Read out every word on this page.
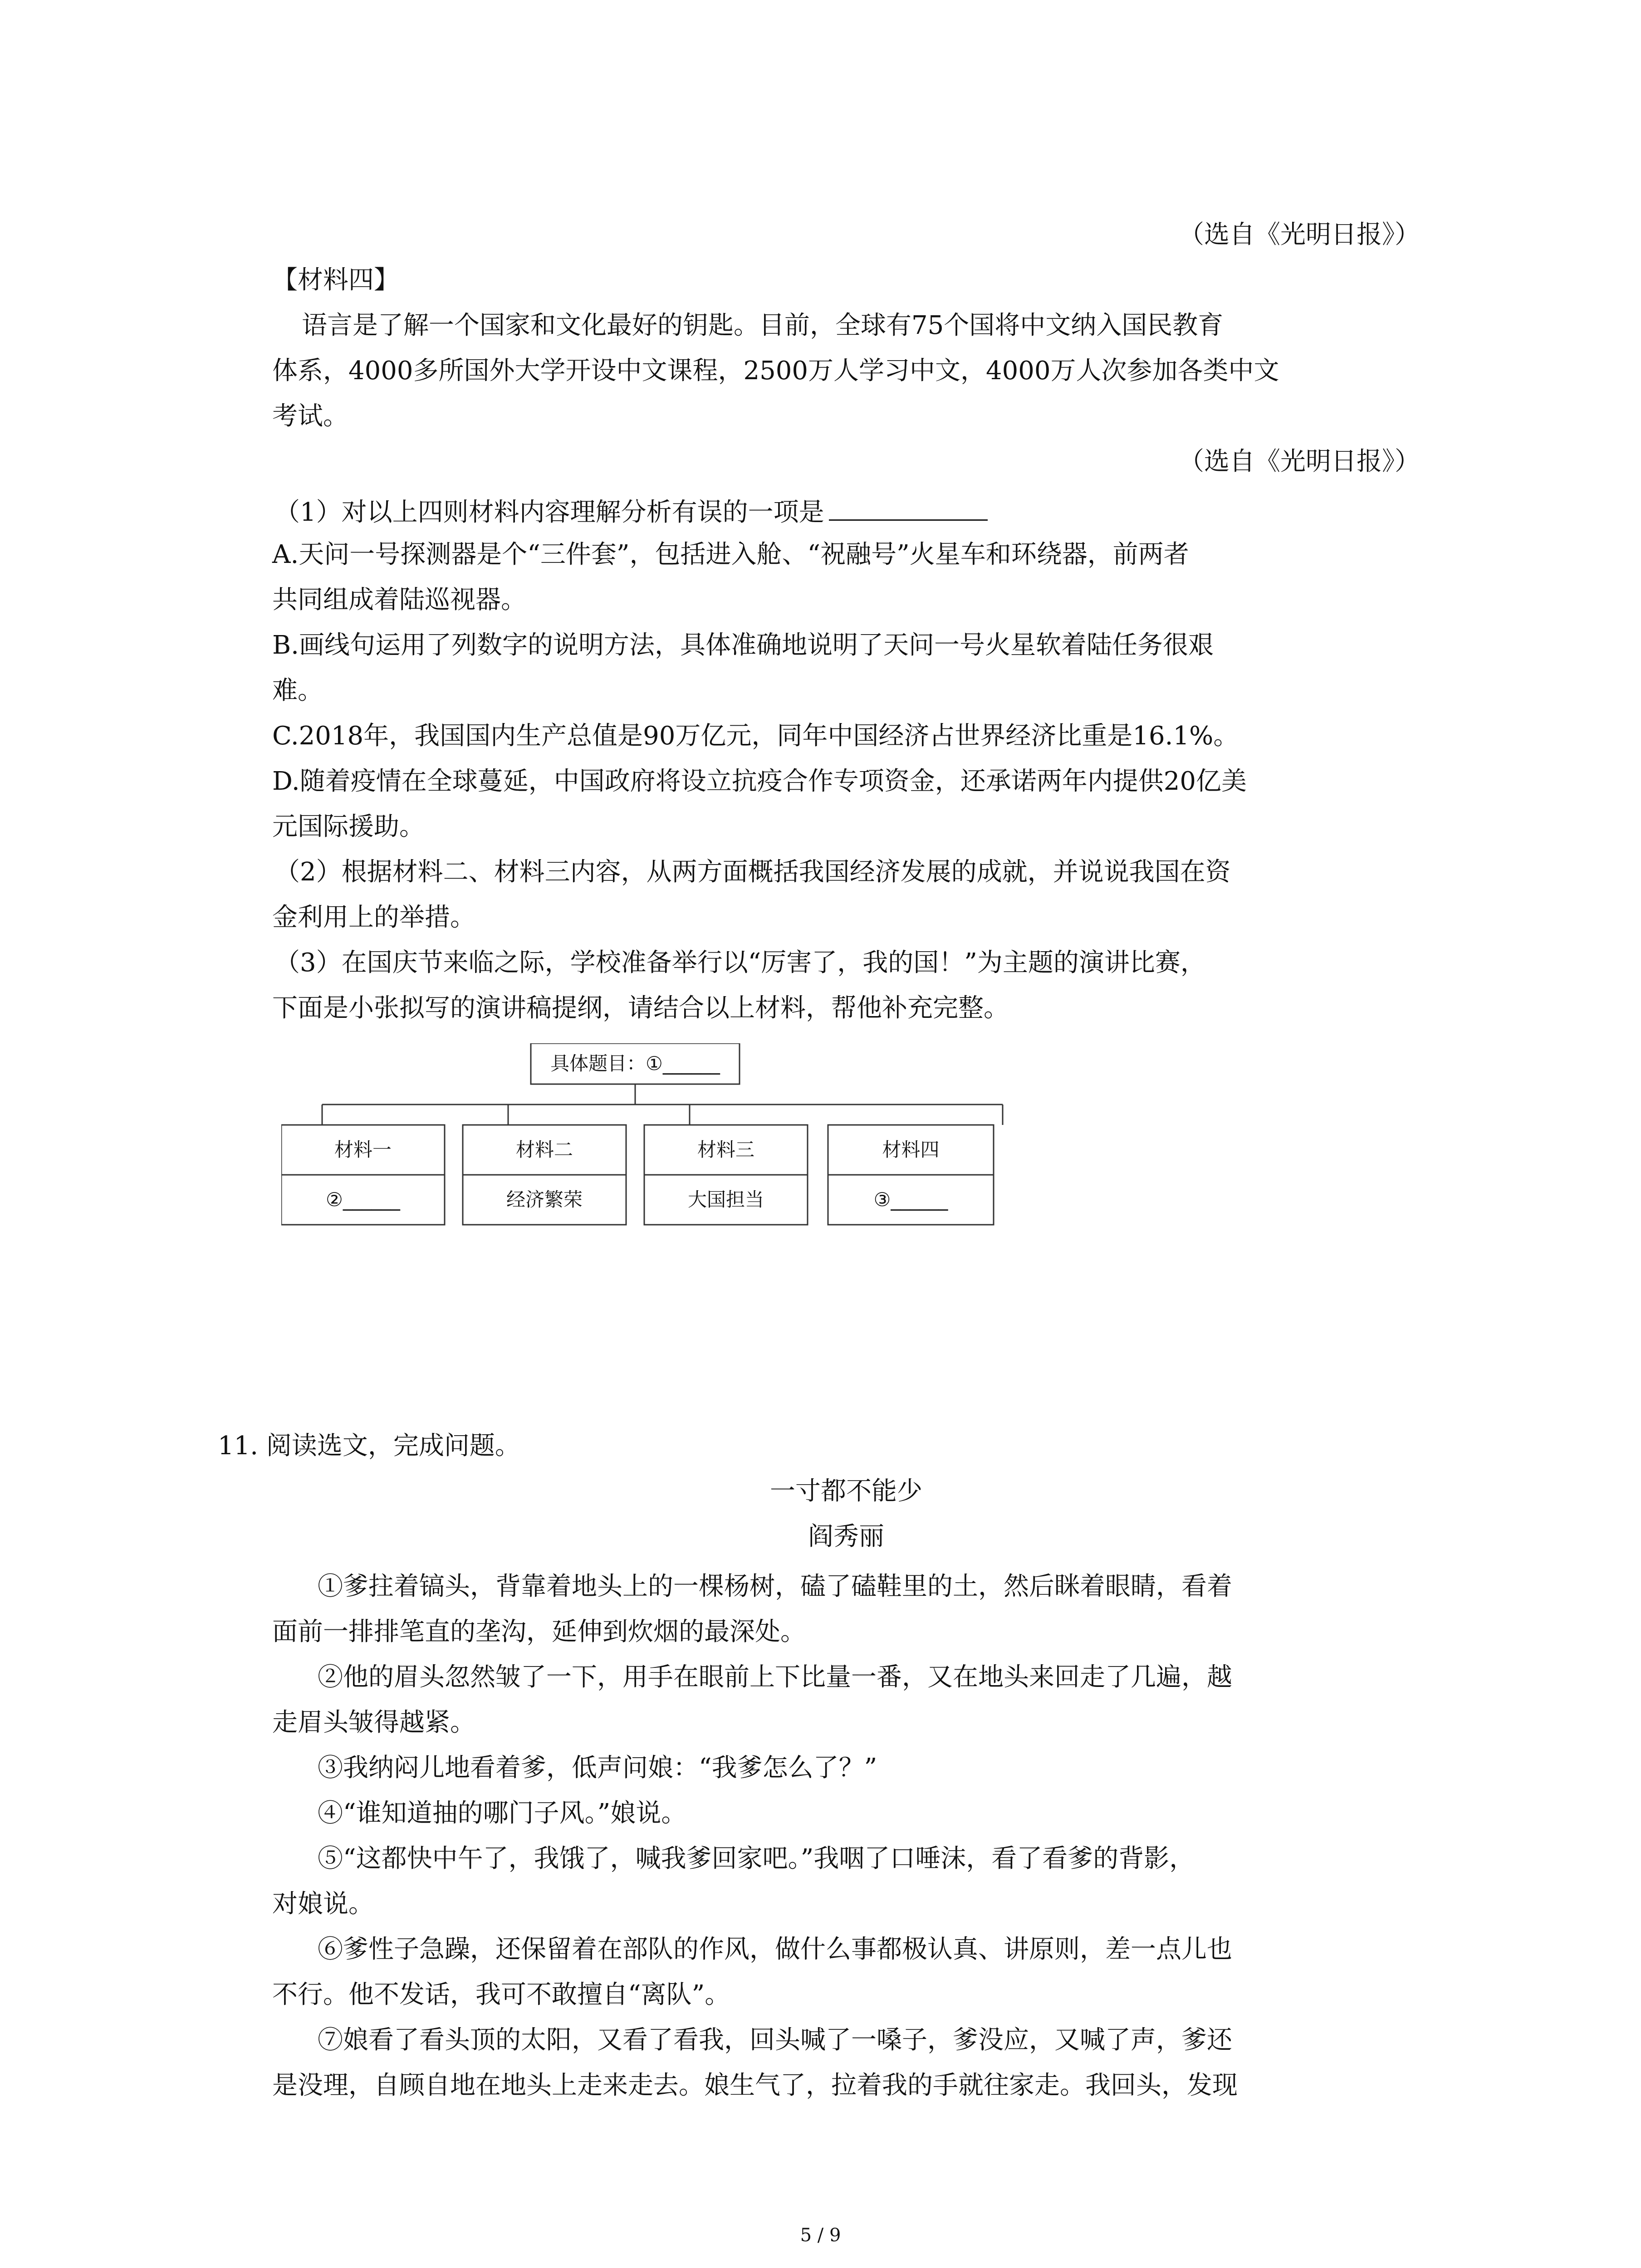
（选自《光明日报》）
【材料四】
语言是了解一个国家和文化最好的钥匙。目前，全球有75个国将中文纳入国民教育
体系，4000多所国外大学开设中文课程，2500万人学习中文，4000万人次参加各类中文
考试。
（选自《光明日报》）
（1）对以上四则材料内容理解分析有误的一项是
A.天问一号探测器是个“三件套”，包括进入舱、“祝融号”火星车和环绕器，前两者
共同组成着陆巡视器。
B.画线句运用了列数字的说明方法，具体准确地说明了天问一号火星软着陆任务很艰
难。
C.2018年，我国国内生产总值是90万亿元，同年中国经济占世界经济比重是16.1%。
D.随着疫情在全球蔓延，中国政府将设立抗疫合作专项资金，还承诺两年内提供20亿美
元国际援助。
（2）根据材料二、材料三内容，从两方面概括我国经济发展的成就，并说说我国在资
金利用上的举措。
（3）在国庆节来临之际，学校准备举行以“厉害了，我的国！”为主题的演讲比赛，
下面是小张拟写的演讲稿提纲，请结合以上材料，帮他补充完整。
具体题目：①______
材料一
②______
材料二
经济繁荣
材料三
大国担当
材料四
③______
11. 阅读选文，完成问题。
一寸都不能少
阎秀丽
①爹拄着镐头，背靠着地头上的一棵杨树，磕了磕鞋里的土，然后眯着眼睛，看着
面前一排排笔直的垄沟，延伸到炊烟的最深处。
②他的眉头忽然皱了一下，用手在眼前上下比量一番，又在地头来回走了几遍，越
走眉头皱得越紧。
③我纳闷儿地看着爹，低声问娘：“我爹怎么了？”
④“谁知道抽的哪门子风。”娘说。
⑤“这都快中午了，我饿了，喊我爹回家吧。”我咽了口唾沫，看了看爹的背影，
对娘说。
⑥爹性子急躁，还保留着在部队的作风，做什么事都极认真、讲原则，差一点儿也
不行。他不发话，我可不敢擅自“离队”。
⑦娘看了看头顶的太阳，又看了看我，回头喊了一嗓子，爹没应，又喊了声，爹还
是没理，自顾自地在地头上走来走去。娘生气了，拉着我的手就往家走。我回头，发现
5 / 9
